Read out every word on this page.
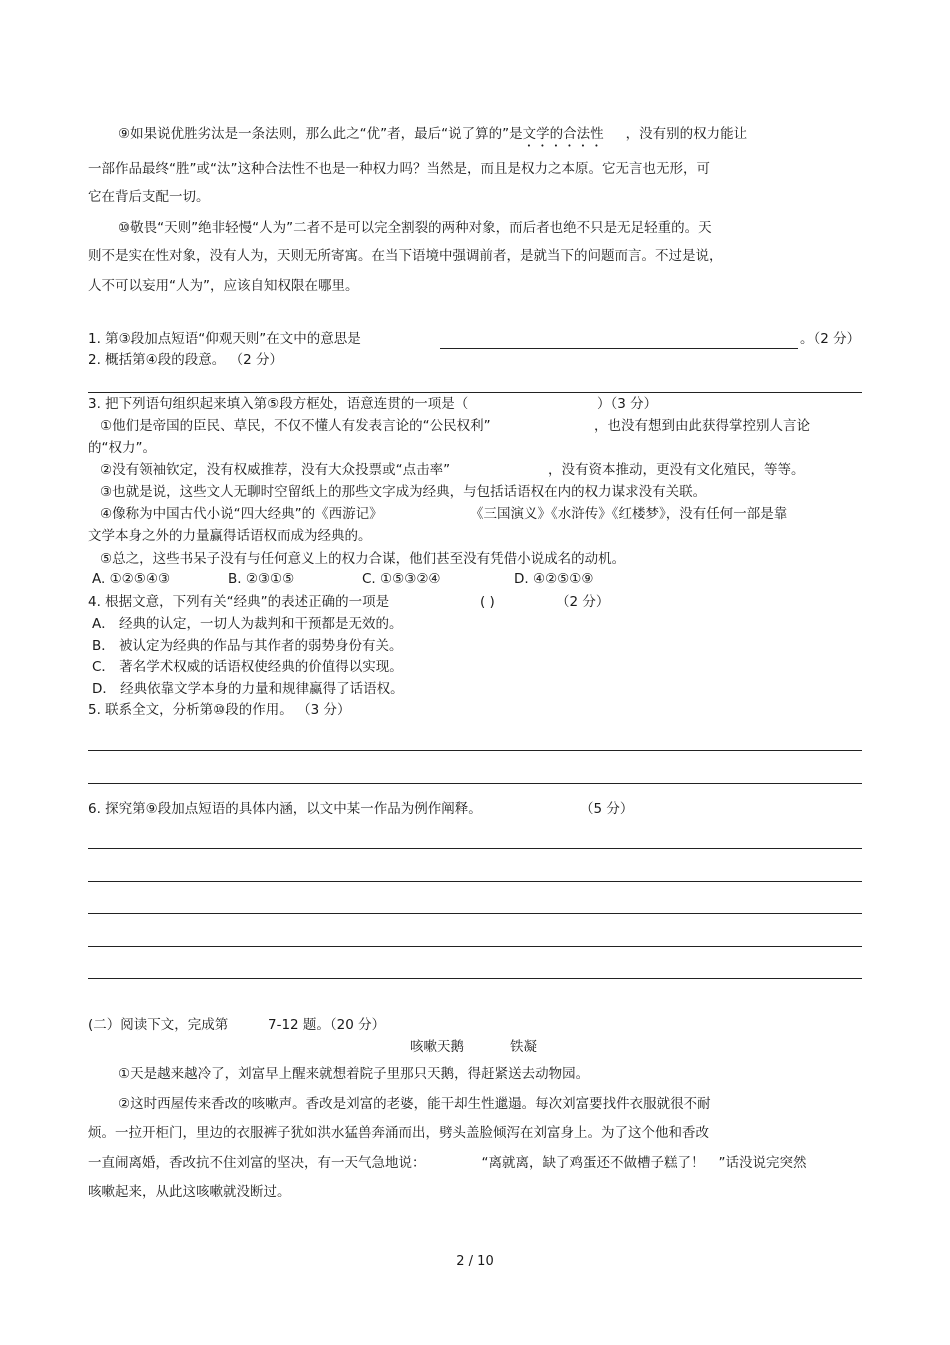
⑨如果说优胜劣汰是一条法则，那么此之“优”者，最后“说了算的”是文学的合法性 ，没有别的权力能让
一部作品最终“胜”或“汰”这种合法性不也是一种权力吗？当然是，而且是权力之本原。它无言也无形，可
它在背后支配一切。
⑩敬畏“天则”绝非轻慢“人为”二者不是可以完全割裂的两种对象，而后者也绝不只是无足轻重的。天
则不是实在性对象，没有人为，天则无所寄寓。在当下语境中强调前者，是就当下的问题而言。不过是说，
人不可以妄用“人为”，应该自知权限在哪里。
1. 第③段加点短语“仰观天则”在文中的意思是	。（2 分）
2. 概括第④段的段意。 （2 分）
3. 把下列语句组织起来填入第⑤段方框处，语意连贯的一项是（	）（3 分）
①他们是帝国的臣民、草民，不仅不懂人有发表言论的“公民权利”	，也没有想到由此获得掌控别人言论
的“权力”。
②没有领袖钦定，没有权威推荐，没有大众投票或“点击率”	，没有资本推动，更没有文化殖民，等等。
③也就是说，这些文人无聊时空留纸上的那些文字成为经典，与包括话语权在内的权力谋求没有关联。
④像称为中国古代小说“四大经典”的《西游记》	《三国演义》《水浒传》《红楼梦》，没有任何一部是靠
文学本身之外的力量赢得话语权而成为经典的。
⑤总之，这些书呆子没有与任何意义上的权力合谋，他们甚至没有凭借小说成名的动机。
A. ①②⑤④③	B. ②③①⑤	C. ①⑤③②④	D. ④②⑤①⑨
4. 根据文意，下列有关“经典”的表述正确的一项是	( )	（2 分）
A． 经典的认定，一切人为裁判和干预都是无效的。
B． 被认定为经典的作品与其作者的弱势身份有关。
C． 著名学术权威的话语权使经典的价值得以实现。
D． 经典依靠文学本身的力量和规律赢得了话语权。
5. 联系全文，分析第⑩段的作用。 （3 分）
6. 探究第⑨段加点短语的具体内涵，以文中某一作品为例作阐释。	（5 分）
(二）阅读下文，完成第	7-12 题。（20 分）
咳嗽天鹅	铁凝
①天是越来越冷了，刘富早上醒来就想着院子里那只天鹅，得赶紧送去动物园。
②这时西屋传来香改的咳嗽声。香改是刘富的老婆，能干却生性邋遢。每次刘富要找件衣服就很不耐
烦。一拉开柜门，里边的衣服裤子犹如洪水猛兽奔涌而出，劈头盖脸倾泻在刘富身上。为了这个他和香改
一直闹离婚，香改抗不住刘富的坚决，有一天气急地说：	“离就离，缺了鸡蛋还不做槽子糕了！ ”话没说完突然
咳嗽起来，从此这咳嗽就没断过。
2 / 10
